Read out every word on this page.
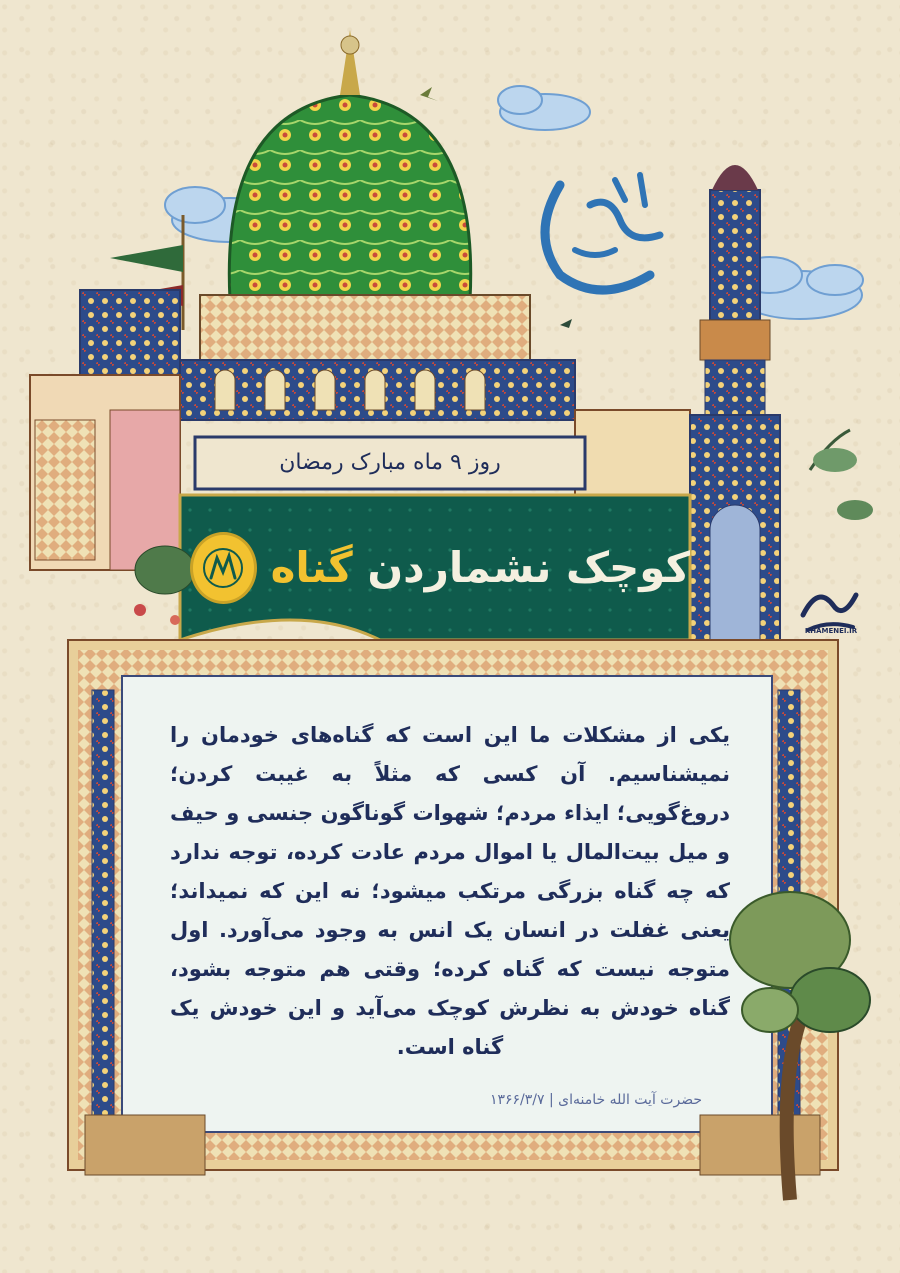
KHAMENEI.IR
روز ۹ ماه مبارک رمضان
کوچک نشماردن گناه
یکی از مشکلات ما این است که گناه‌های خودمان را نمیشناسیم. آن کسی که مثلاً به غیبت کردن؛ دروغ‌گویی؛ ایذاء مردم؛ شهوات گوناگون جنسی و حیف و میل بیت‌المال یا اموال مردم عادت کرده، توجه ندارد که چه گناه بزرگی مرتکب میشود؛ نه این که نمیداند؛ یعنی غفلت در انسان یک انس به وجود می‌آورد. اول متوجه نیست که گناه کرده؛ وقتی هم متوجه بشود، گناه خودش به نظرش کوچک می‌آید و این خودش یک گناه است.
حضرت آیت الله خامنه‌ای | ۱۳۶۶/۳/۷
